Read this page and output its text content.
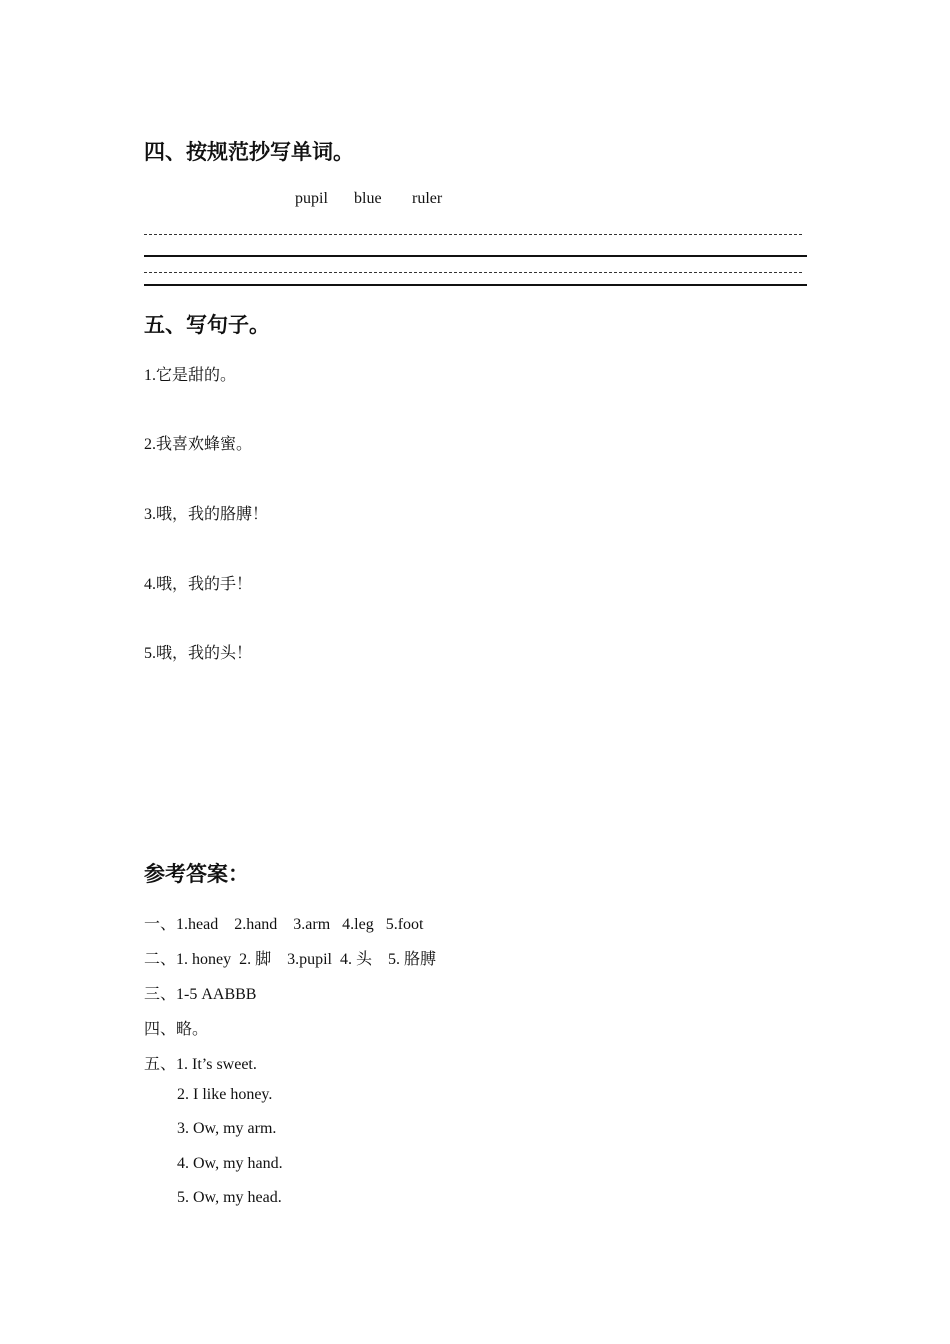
四、按规范抄写单词。
pupil blue ruler
五、写句子。
1.它是甜的。
2.我喜欢蜂蜜。
3.哦，我的胳膊！
4.哦，我的手！
5.哦，我的头！
参考答案：
一、1.head    2.hand    3.arm   4.leg   5.foot
二、1. honey  2. 脚    3.pupil  4. 头    5. 胳膊
三、1-5 AABBB
四、略。
五、1. It’s sweet.
2. I like honey.
3. Ow, my arm.
4. Ow, my hand.
5. Ow, my head.
